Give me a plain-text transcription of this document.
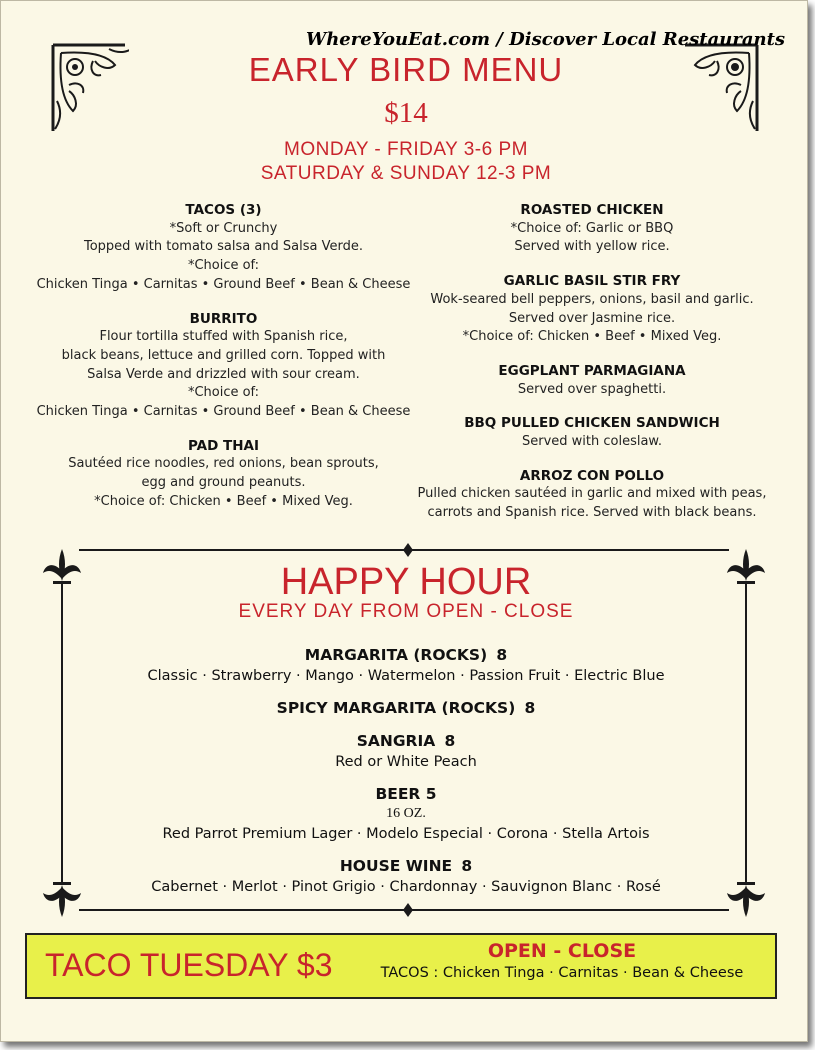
WhereYouEat.com / Discover Local Restaurants
EARLY BIRD MENU
$14
MONDAY - FRIDAY 3-6 PM
SATURDAY & SUNDAY 12-3 PM
TACOS (3)
*Soft or Crunchy
Topped with tomato salsa and Salsa Verde.
*Choice of:
Chicken Tinga • Carnitas • Ground Beef • Bean & Cheese
BURRITO
Flour tortilla stuffed with Spanish rice,
black beans, lettuce and grilled corn. Topped with
Salsa Verde and drizzled with sour cream.
*Choice of:
Chicken Tinga • Carnitas • Ground Beef • Bean & Cheese
PAD THAI
Sautéed rice noodles, red onions, bean sprouts,
egg and ground peanuts.
*Choice of: Chicken • Beef • Mixed Veg.
ROASTED CHICKEN
*Choice of: Garlic or BBQ
Served with yellow rice.
GARLIC BASIL STIR FRY
Wok-seared bell peppers, onions, basil and garlic.
Served over Jasmine rice.
*Choice of: Chicken • Beef • Mixed Veg.
EGGPLANT PARMAGIANA
Served over spaghetti.
BBQ PULLED CHICKEN SANDWICH
Served with coleslaw.
ARROZ CON POLLO
Pulled chicken sautéed in garlic and mixed with peas,
carrots and Spanish rice. Served with black beans.
HAPPY HOUR
EVERY DAY FROM OPEN - CLOSE
MARGARITA (ROCKS) 8
Classic · Strawberry · Mango · Watermelon · Passion Fruit · Electric Blue
SPICY MARGARITA (ROCKS) 8
SANGRIA 8
Red or White Peach
BEER 5
16 OZ.
Red Parrot Premium Lager · Modelo Especial · Corona · Stella Artois
HOUSE WINE 8
Cabernet · Merlot · Pinot Grigio · Chardonnay · Sauvignon Blanc · Rosé
TACO TUESDAY $3	OPEN - CLOSE
TACOS : Chicken Tinga · Carnitas · Bean & Cheese
